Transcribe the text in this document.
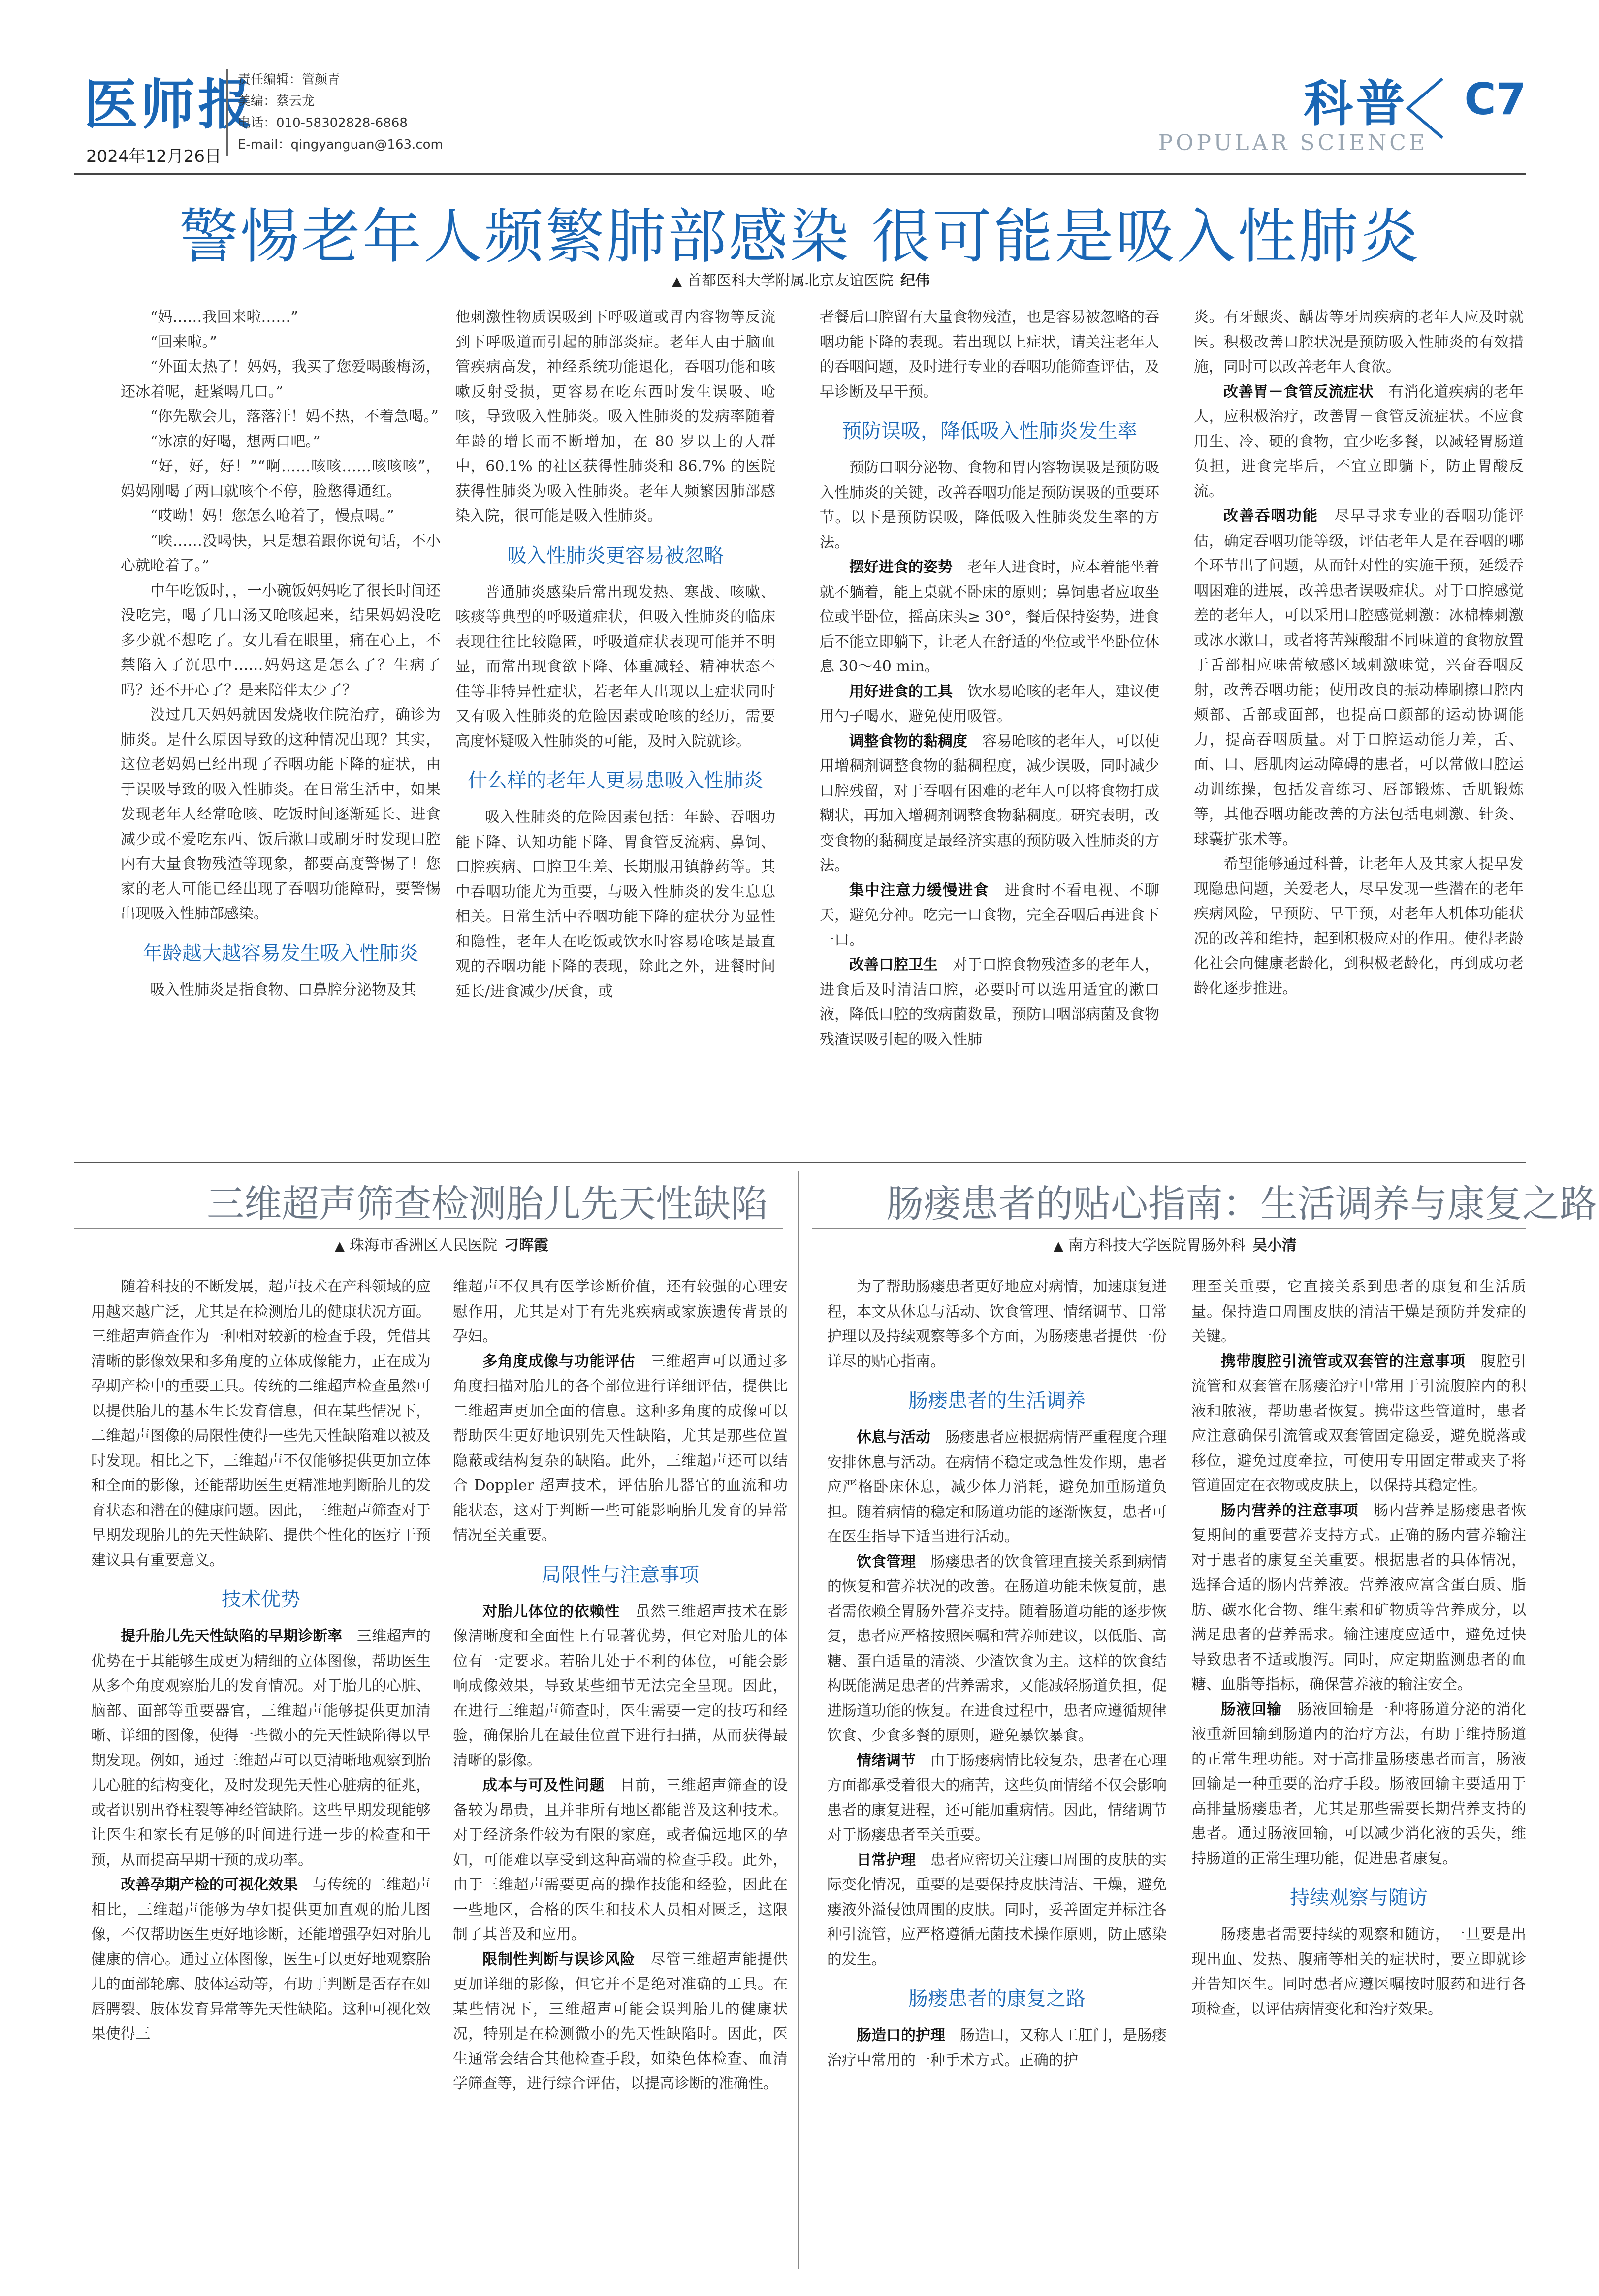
医师报
2024年12月26日
责任编辑：管颜青
美编：蔡云龙
电话：010-58302828-6868
E-mail：qingyanguan@163.com
科普
POPULAR SCIENCE
C7
警惕老年人频繁肺部感染 很可能是吸入性肺炎
▲ 首都医科大学附属北京友谊医院 纪伟

“妈……我回来啦……”

“回来啦。”

“外面太热了！妈妈，我买了您爱喝酸梅汤，还冰着呢，赶紧喝几口。”

“你先歇会儿，落落汗！妈不热，不着急喝。”

“冰凉的好喝，想两口吧。”

“好，好，好！”“啊……咳咳……咳咳咳”，妈妈刚喝了两口就咳个不停，脸憋得通红。

“哎呦！妈！您怎么呛着了，慢点喝。”

“唉……没喝快，只是想着跟你说句话，不小心就呛着了。”

中午吃饭时，，一小碗饭妈妈吃了很长时间还没吃完，喝了几口汤又呛咳起来，结果妈妈没吃多少就不想吃了。女儿看在眼里，痛在心上，不禁陷入了沉思中……妈妈这是怎么了？生病了吗？还不开心了？是来陪伴太少了？

没过几天妈妈就因发烧收住院治疗，确诊为肺炎。是什么原因导致的这种情况出现？其实，这位老妈妈已经出现了吞咽功能下降的症状，由于误吸导致的吸入性肺炎。在日常生活中，如果发现老年人经常呛咳、吃饭时间逐渐延长、进食减少或不爱吃东西、饭后漱口或刷牙时发现口腔内有大量食物残渣等现象，都要高度警惕了！您家的老人可能已经出现了吞咽功能障碍，要警惕出现吸入性肺部感染。

年龄越大越容易发生吸入性肺炎

吸入性肺炎是指食物、口鼻腔分泌物及其

他刺激性物质误吸到下呼吸道或胃内容物等反流到下呼吸道而引起的肺部炎症。老年人由于脑血管疾病高发，神经系统功能退化，吞咽功能和咳嗽反射受损，更容易在吃东西时发生误吸、呛咳，导致吸入性肺炎。吸入性肺炎的发病率随着年龄的增长而不断增加，在 80 岁以上的人群中，60.1% 的社区获得性肺炎和 86.7% 的医院获得性肺炎为吸入性肺炎。老年人频繁因肺部感染入院，很可能是吸入性肺炎。

吸入性肺炎更容易被忽略

普通肺炎感染后常出现发热、寒战、咳嗽、咳痰等典型的呼吸道症状，但吸入性肺炎的临床表现往往比较隐匿，呼吸道症状表现可能并不明显，而常出现食欲下降、体重减轻、精神状态不佳等非特异性症状，若老年人出现以上症状同时又有吸入性肺炎的危险因素或呛咳的经历，需要高度怀疑吸入性肺炎的可能，及时入院就诊。

什么样的老年人更易患吸入性肺炎

吸入性肺炎的危险因素包括：年龄、吞咽功能下降、认知功能下降、胃食管反流病、鼻饲、口腔疾病、口腔卫生差、长期服用镇静药等。其中吞咽功能尤为重要，与吸入性肺炎的发生息息相关。日常生活中吞咽功能下降的症状分为显性和隐性，老年人在吃饭或饮水时容易呛咳是最直观的吞咽功能下降的表现，除此之外，进餐时间延长/进食减少/厌食，或

者餐后口腔留有大量食物残渣，也是容易被忽略的吞咽功能下降的表现。若出现以上症状，请关注老年人的吞咽问题，及时进行专业的吞咽功能筛查评估，及早诊断及早干预。

预防误吸，降低吸入性肺炎发生率

预防口咽分泌物、食物和胃内容物误吸是预防吸入性肺炎的关键，改善吞咽功能是预防误吸的重要环节。以下是预防误吸，降低吸入性肺炎发生率的方法。

摆好进食的姿势　 老年人进食时，应本着能坐着就不躺着，能上桌就不卧床的原则；鼻饲患者应取坐位或半卧位，摇高床头≥ 30°，餐后保持姿势，进食后不能立即躺下，让老人在舒适的坐位或半坐卧位休息 30～40 min。

用好进食的工具　 饮水易呛咳的老年人，建议使用勺子喝水，避免使用吸管。

调整食物的黏稠度　 容易呛咳的老年人，可以使用增稠剂调整食物的黏稠程度，减少误吸，同时减少口腔残留，对于吞咽有困难的老年人可以将食物打成糊状，再加入增稠剂调整食物黏稠度。研究表明，改变食物的黏稠度是最经济实惠的预防吸入性肺炎的方法。

集中注意力缓慢进食　 进食时不看电视、不聊天，避免分神。吃完一口食物，完全吞咽后再进食下一口。

改善口腔卫生　 对于口腔食物残渣多的老年人，进食后及时清洁口腔，必要时可以选用适宜的漱口液，降低口腔的致病菌数量，预防口咽部病菌及食物残渣误吸引起的吸入性肺

炎。有牙龈炎、龋齿等牙周疾病的老年人应及时就医。积极改善口腔状况是预防吸入性肺炎的有效措施，同时可以改善老年人食欲。

改善胃－食管反流症状　 有消化道疾病的老年人，应积极治疗，改善胃－食管反流症状。不应食用生、冷、硬的食物，宜少吃多餐，以减轻胃肠道负担，进食完毕后，不宜立即躺下，防止胃酸反流。

改善吞咽功能　 尽早寻求专业的吞咽功能评估，确定吞咽功能等级，评估老年人是在吞咽的哪个环节出了问题，从而针对性的实施干预，延缓吞咽困难的进展，改善患者误吸症状。对于口腔感觉差的老年人，可以采用口腔感觉刺激：冰棉棒刺激或冰水漱口，或者将苦辣酸甜不同味道的食物放置于舌部相应味蕾敏感区域刺激味觉，兴奋吞咽反射，改善吞咽功能；使用改良的振动棒刷擦口腔内颊部、舌部或面部，也提高口颜部的运动协调能力，提高吞咽质量。对于口腔运动能力差，舌、面、口、唇肌肉运动障碍的患者，可以常做口腔运动训练操，包括发音练习、唇部锻炼、舌肌锻炼等，其他吞咽功能改善的方法包括电刺激、针灸、球囊扩张术等。

希望能够通过科普，让老年人及其家人提早发现隐患问题，关爱老人，尽早发现一些潜在的老年疾病风险，早预防、早干预，对老年人机体功能状况的改善和维持，起到积极应对的作用。使得老龄化社会向健康老龄化，到积极老龄化，再到成功老龄化逐步推进。

三维超声筛查检测胎儿先天性缺陷
▲ 珠海市香洲区人民医院 刁晖霞

随着科技的不断发展，超声技术在产科领域的应用越来越广泛，尤其是在检测胎儿的健康状况方面。三维超声筛查作为一种相对较新的检查手段，凭借其清晰的影像效果和多角度的立体成像能力，正在成为孕期产检中的重要工具。传统的二维超声检查虽然可以提供胎儿的基本生长发育信息，但在某些情况下，二维超声图像的局限性使得一些先天性缺陷难以被及时发现。相比之下，三维超声不仅能够提供更加立体和全面的影像，还能帮助医生更精准地判断胎儿的发育状态和潜在的健康问题。因此，三维超声筛查对于早期发现胎儿的先天性缺陷、提供个性化的医疗干预建议具有重要意义。

技术优势

提升胎儿先天性缺陷的早期诊断率　 三维超声的优势在于其能够生成更为精细的立体图像，帮助医生从多个角度观察胎儿的发育情况。对于胎儿的心脏、脑部、面部等重要器官，三维超声能够提供更加清晰、详细的图像，使得一些微小的先天性缺陷得以早期发现。例如，通过三维超声可以更清晰地观察到胎儿心脏的结构变化，及时发现先天性心脏病的征兆，或者识别出脊柱裂等神经管缺陷。这些早期发现能够让医生和家长有足够的时间进行进一步的检查和干预，从而提高早期干预的成功率。

改善孕期产检的可视化效果　 与传统的二维超声相比，三维超声能够为孕妇提供更加直观的胎儿图像，不仅帮助医生更好地诊断，还能增强孕妇对胎儿健康的信心。通过立体图像，医生可以更好地观察胎儿的面部轮廓、肢体运动等，有助于判断是否存在如唇腭裂、肢体发育异常等先天性缺陷。这种可视化效果使得三

维超声不仅具有医学诊断价值，还有较强的心理安慰作用，尤其是对于有先兆疾病或家族遗传背景的孕妇。

多角度成像与功能评估　 三维超声可以通过多角度扫描对胎儿的各个部位进行详细评估，提供比二维超声更加全面的信息。这种多角度的成像可以帮助医生更好地识别先天性缺陷，尤其是那些位置隐蔽或结构复杂的缺陷。此外，三维超声还可以结合 Doppler 超声技术，评估胎儿器官的血流和功能状态，这对于判断一些可能影响胎儿发育的异常情况至关重要。

局限性与注意事项

对胎儿体位的依赖性　 虽然三维超声技术在影像清晰度和全面性上有显著优势，但它对胎儿的体位有一定要求。若胎儿处于不利的体位，可能会影响成像效果，导致某些细节无法完全呈现。因此，在进行三维超声筛查时，医生需要一定的技巧和经验，确保胎儿在最佳位置下进行扫描，从而获得最清晰的影像。

成本与可及性问题　 目前，三维超声筛查的设备较为昂贵，且并非所有地区都能普及这种技术。对于经济条件较为有限的家庭，或者偏远地区的孕妇，可能难以享受到这种高端的检查手段。此外，由于三维超声需要更高的操作技能和经验，因此在一些地区，合格的医生和技术人员相对匮乏，这限制了其普及和应用。

限制性判断与误诊风险　 尽管三维超声能提供更加详细的影像，但它并不是绝对准确的工具。在某些情况下，三维超声可能会误判胎儿的健康状况，特别是在检测微小的先天性缺陷时。因此，医生通常会结合其他检查手段，如染色体检查、血清学筛查等，进行综合评估，以提高诊断的准确性。

肠瘘患者的贴心指南：生活调养与康复之路
▲ 南方科技大学医院胃肠外科 吴小清

为了帮助肠瘘患者更好地应对病情，加速康复进程，本文从休息与活动、饮食管理、情绪调节、日常护理以及持续观察等多个方面，为肠瘘患者提供一份详尽的贴心指南。

肠瘘患者的生活调养

休息与活动　 肠瘘患者应根据病情严重程度合理安排休息与活动。在病情不稳定或急性发作期，患者应严格卧床休息，减少体力消耗，避免加重肠道负担。随着病情的稳定和肠道功能的逐渐恢复，患者可在医生指导下适当进行活动。

饮食管理　 肠瘘患者的饮食管理直接关系到病情的恢复和营养状况的改善。在肠道功能未恢复前，患者需依赖全胃肠外营养支持。随着肠道功能的逐步恢复，患者应严格按照医嘱和营养师建议，以低脂、高糖、蛋白适量的清淡、少渣饮食为主。这样的饮食结构既能满足患者的营养需求，又能减轻肠道负担，促进肠道功能的恢复。在进食过程中，患者应遵循规律饮食、少食多餐的原则，避免暴饮暴食。

情绪调节　 由于肠瘘病情比较复杂，患者在心理方面都承受着很大的痛苦，这些负面情绪不仅会影响患者的康复进程，还可能加重病情。因此，情绪调节对于肠瘘患者至关重要。

日常护理　 患者应密切关注瘘口周围的皮肤的实际变化情况，重要的是要保持皮肤清洁、干燥，避免瘘液外溢侵蚀周围的皮肤。同时，妥善固定并标注各种引流管，应严格遵循无菌技术操作原则，防止感染的发生。

肠瘘患者的康复之路

肠造口的护理　 肠造口，又称人工肛门，是肠瘘治疗中常用的一种手术方式。正确的护

理至关重要，它直接关系到患者的康复和生活质量。保持造口周围皮肤的清洁干燥是预防并发症的关键。

携带腹腔引流管或双套管的注意事项　 腹腔引流管和双套管在肠瘘治疗中常用于引流腹腔内的积液和脓液，帮助患者恢复。携带这些管道时，患者应注意确保引流管或双套管固定稳妥，避免脱落或移位，避免过度牵拉，可使用专用固定带或夹子将管道固定在衣物或皮肤上，以保持其稳定性。

肠内营养的注意事项　 肠内营养是肠瘘患者恢复期间的重要营养支持方式。正确的肠内营养输注对于患者的康复至关重要。根据患者的具体情况，选择合适的肠内营养液。营养液应富含蛋白质、脂肪、碳水化合物、维生素和矿物质等营养成分，以满足患者的营养需求。输注速度应适中，避免过快导致患者不适或腹泻。同时，应定期监测患者的血糖、血脂等指标，确保营养液的输注安全。

肠液回输　 肠液回输是一种将肠道分泌的消化液重新回输到肠道内的治疗方法，有助于维持肠道的正常生理功能。对于高排量肠瘘患者而言，肠液回输是一种重要的治疗手段。肠液回输主要适用于高排量肠瘘患者，尤其是那些需要长期营养支持的患者。通过肠液回输，可以减少消化液的丢失，维持肠道的正常生理功能，促进患者康复。

持续观察与随访

肠瘘患者需要持续的观察和随访，一旦要是出现出血、发热、腹痛等相关的症状时，要立即就诊并告知医生。同时患者应遵医嘱按时服药和进行各项检查，以评估病情变化和治疗效果。
